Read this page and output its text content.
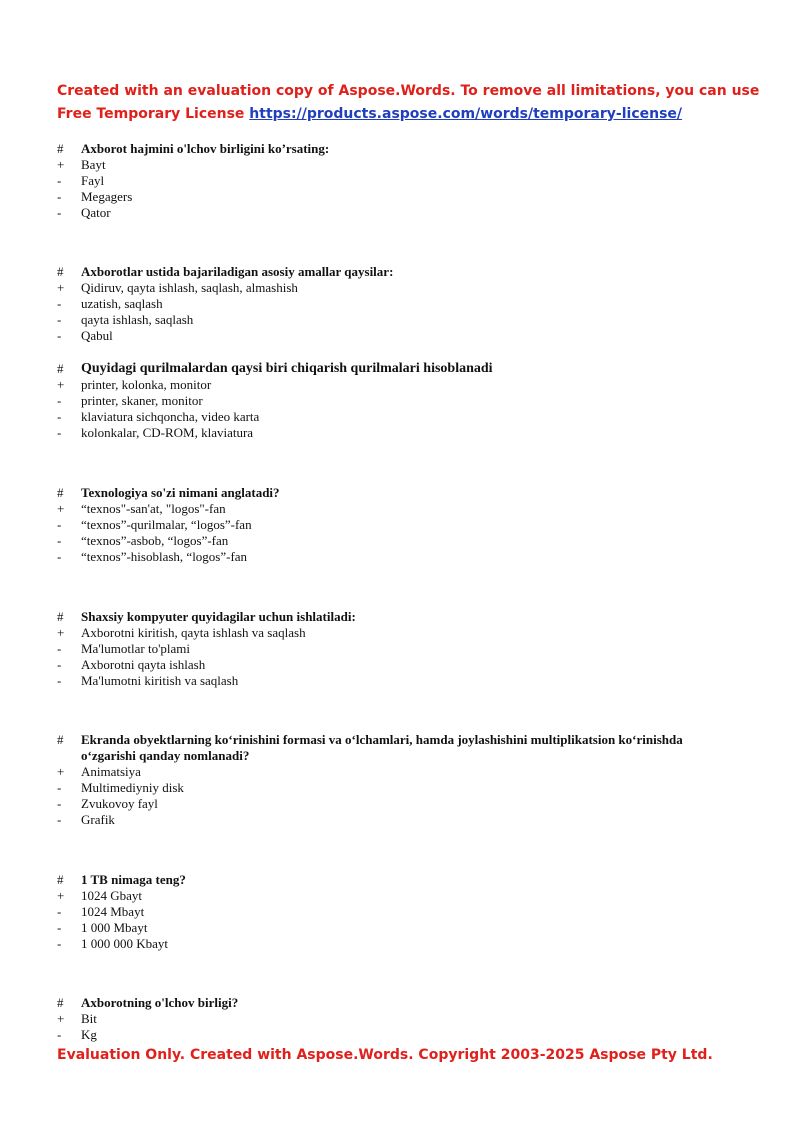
Created with an evaluation copy of Aspose.Words. To remove all limitations, you can use
Free Temporary License https://products.aspose.com/words/temporary-license/
#	Axborot hajmini o'lchov birligini ko’rsating:
+	Bayt
-	Fayl
-	Megagers
-	Qator
#	Axborotlar ustida bajariladigan asosiy amallar qaysilar:
+	Qidiruv, qayta ishlash, saqlash, almashish
-	uzatish, saqlash
-	qayta ishlash, saqlash
-	Qabul
#	Quyidagi qurilmalardan qaysi biri chiqarish qurilmalari hisoblanadi
+	printer, kolonka, monitor
-	printer, skaner, monitor
-	klaviatura sichqoncha, video karta
-	kolonkalar, CD-ROM, klaviatura
#	Texnologiya so'zi nimani anglatadi?
+	“texnos"-san'at, "logos"-fan
-	“texnos”-qurilmalar, “logos”-fan
-	“texnos”-asbob, “logos”-fan
-	“texnos”-hisoblash, “logos”-fan
#	Shaxsiy kompyuter quyidagilar uchun ishlatiladi:
+	Axborotni kiritish, qayta ishlash va saqlash
-	Ma'lumotlar to'plami
-	Axborotni qayta ishlash
-	Ma'lumotni kiritish va saqlash
#	Ekranda obyektlarning ko‘rinishini formasi va o‘lchamlari, hamda joylashishini multiplikatsion ko‘rinishda o‘zgarishi qanday nomlanadi?
+	Animatsiya
-	Multimediyniy disk
-	Zvukovoy fayl
-	Grafik
#	1 TB nimaga teng?
+	1024 Gbayt
-	1024 Mbayt
-	1 000 Mbayt
-	1 000 000 Kbayt
#	Axborotning o'lchov birligi?
+	Bit
-	Kg
Evaluation Only. Created with Aspose.Words. Copyright 2003-2025 Aspose Pty Ltd.
